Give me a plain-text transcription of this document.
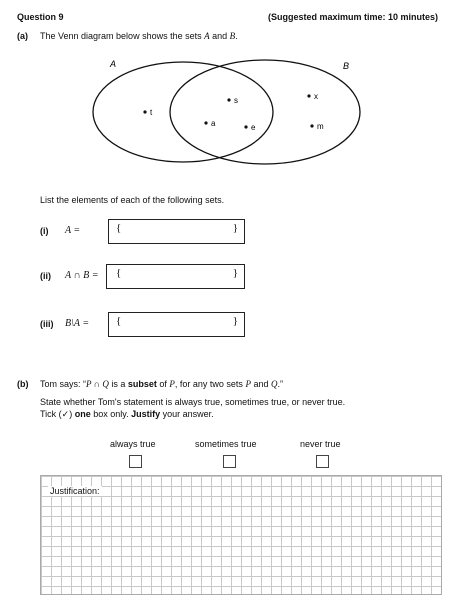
Question 9	(Suggested maximum time: 10 minutes)
(a) The Venn diagram below shows the sets A and B.
A	B
t
s
a	e
x
m
List the elements of each of the following sets.
(i) A =	{	}
(ii) A ∩ B = {	}
(iii) B\A = {	}
(b) Tom says: “P ∩ Q is a subset of P, for any two sets P and Q.”
State whether Tom's statement is always true, sometimes true, or never true.
Tick (✓) one box only. Justify your answer.
always true	sometimes true	never true
Justification:
